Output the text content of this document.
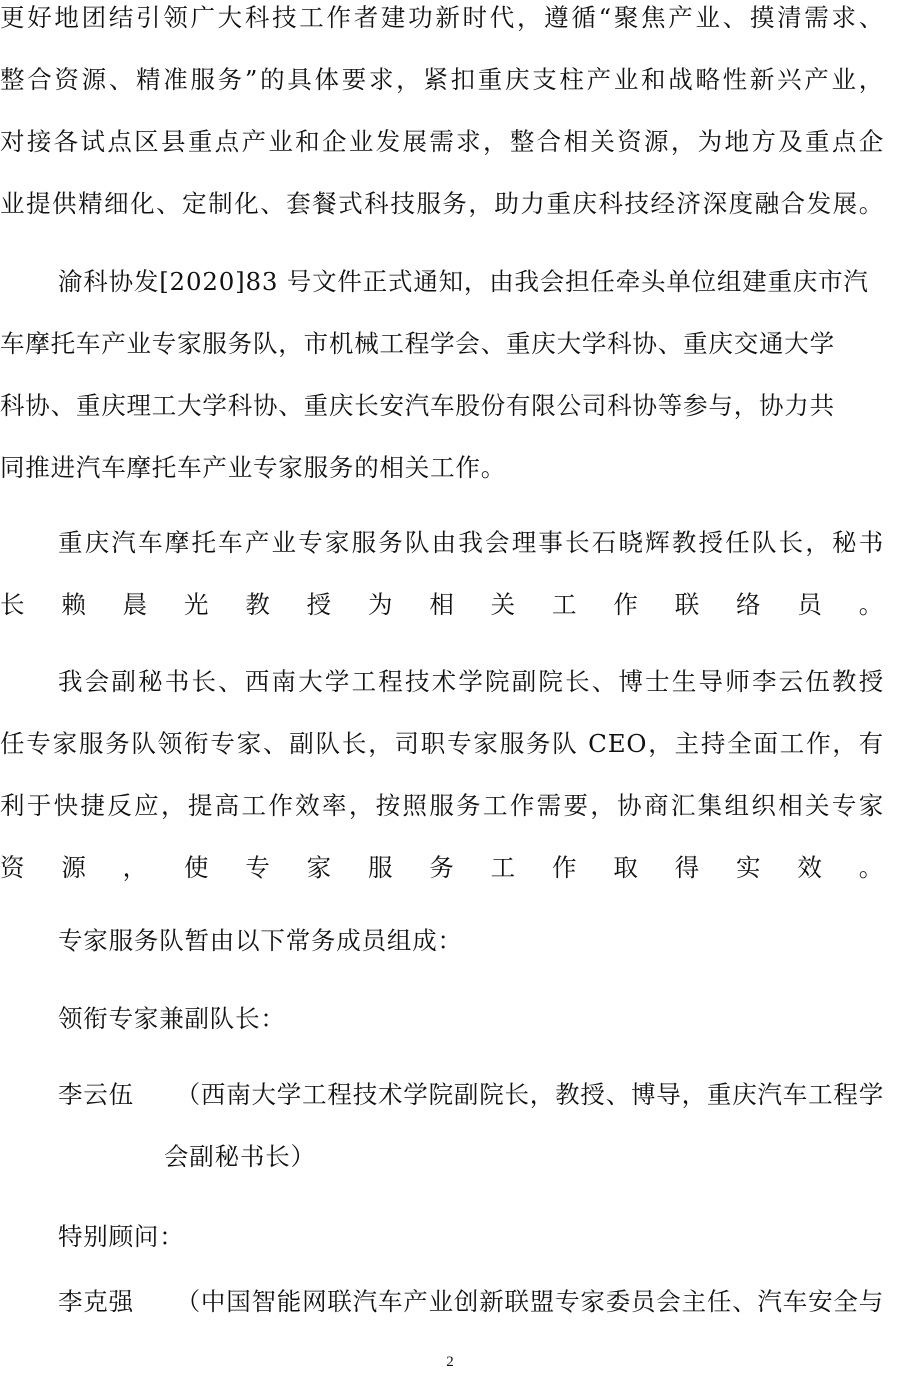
更好地团结引领广大科技工作者建功新时代，遵循“聚焦产业、摸清需求、
整合资源、精准服务”的具体要求，紧扣重庆支柱产业和战略性新兴产业，
对接各试点区县重点产业和企业发展需求，整合相关资源，为地方及重点企
业提供精细化、定制化、套餐式科技服务，助力重庆科技经济深度融合发展。
渝科协发[2020]83 号文件正式通知，由我会担任牵头单位组建重庆市汽
车摩托车产业专家服务队，市机械工程学会、重庆大学科协、重庆交通大学
科协、重庆理工大学科协、重庆长安汽车股份有限公司科协等参与，协力共
同推进汽车摩托车产业专家服务的相关工作。
重庆汽车摩托车产业专家服务队由我会理事长石晓辉教授任队长，秘书
长赖晨光教授为相关工作联络员。
我会副秘书长、西南大学工程技术学院副院长、博士生导师李云伍教授
任专家服务队领衔专家、副队长，司职专家服务队 CEO，主持全面工作，有
利于快捷反应，提高工作效率，按照服务工作需要，协商汇集组织相关专家
资源，使专家服务工作取得实效。
专家服务队暂由以下常务成员组成：
领衔专家兼副队长：
李云伍 （西南大学工程技术学院副院长，教授、博导，重庆汽车工程学
会副秘书长）
特别顾问：
李克强 （中国智能网联汽车产业创新联盟专家委员会主任、汽车安全与
2
